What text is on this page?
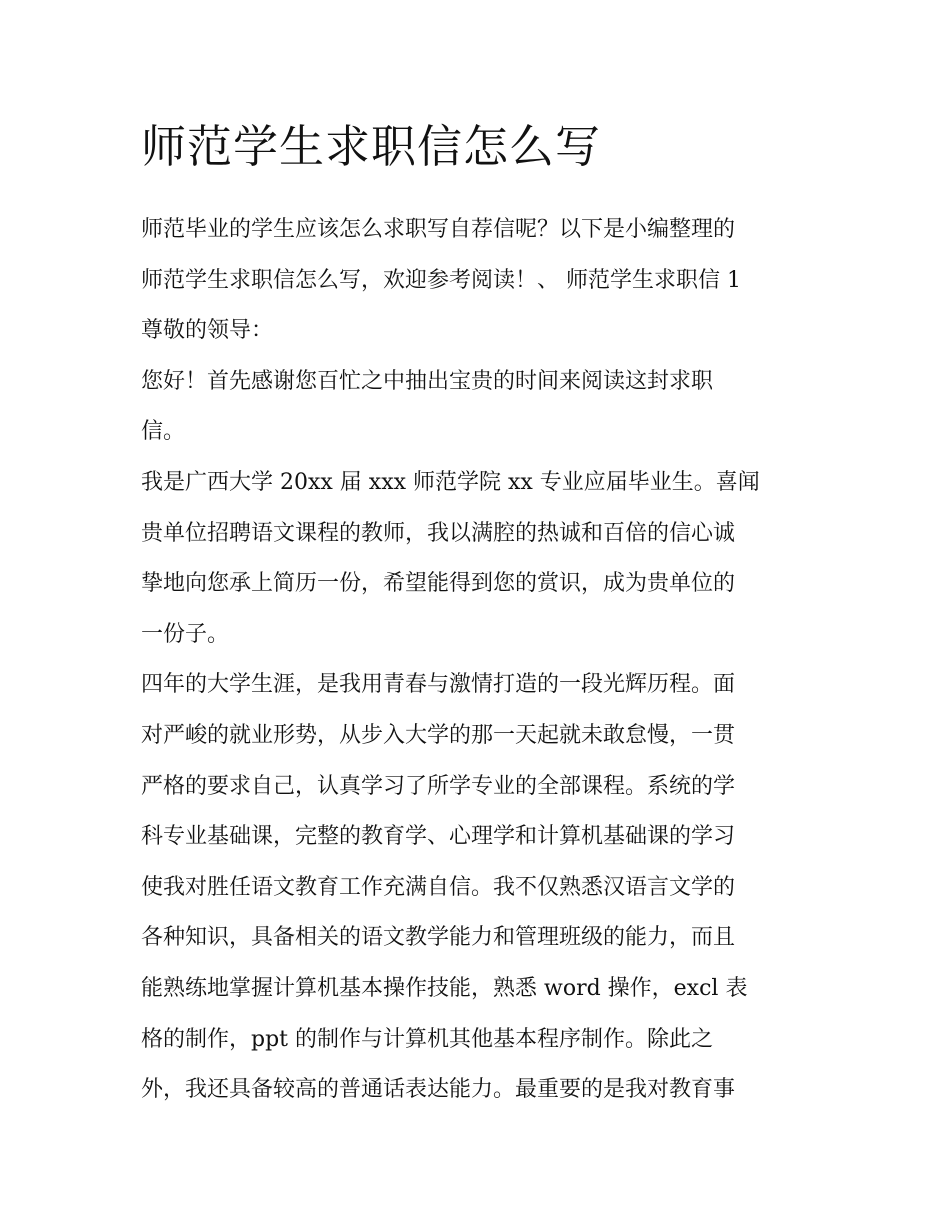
师范学生求职信怎么写
师范毕业的学生应该怎么求职写自荐信呢？以下是小编整理的
师范学生求职信怎么写，欢迎参考阅读！、 师范学生求职信 1
尊敬的领导：
您好！首先感谢您百忙之中抽出宝贵的时间来阅读这封求职
信。
我是广西大学 20xx 届 xxx 师范学院 xx 专业应届毕业生。喜闻
贵单位招聘语文课程的教师，我以满腔的热诚和百倍的信心诚
挚地向您承上简历一份，希望能得到您的赏识，成为贵单位的
一份子。
四年的大学生涯，是我用青春与激情打造的一段光辉历程。面
对严峻的就业形势，从步入大学的那一天起就未敢怠慢，一贯
严格的要求自己，认真学习了所学专业的全部课程。系统的学
科专业基础课，完整的教育学、心理学和计算机基础课的学习
使我对胜任语文教育工作充满自信。我不仅熟悉汉语言文学的
各种知识，具备相关的语文教学能力和管理班级的能力，而且
能熟练地掌握计算机基本操作技能，熟悉 word 操作，excl 表
格的制作，ppt 的制作与计算机其他基本程序制作。除此之
外，我还具备较高的普通话表达能力。最重要的是我对教育事
